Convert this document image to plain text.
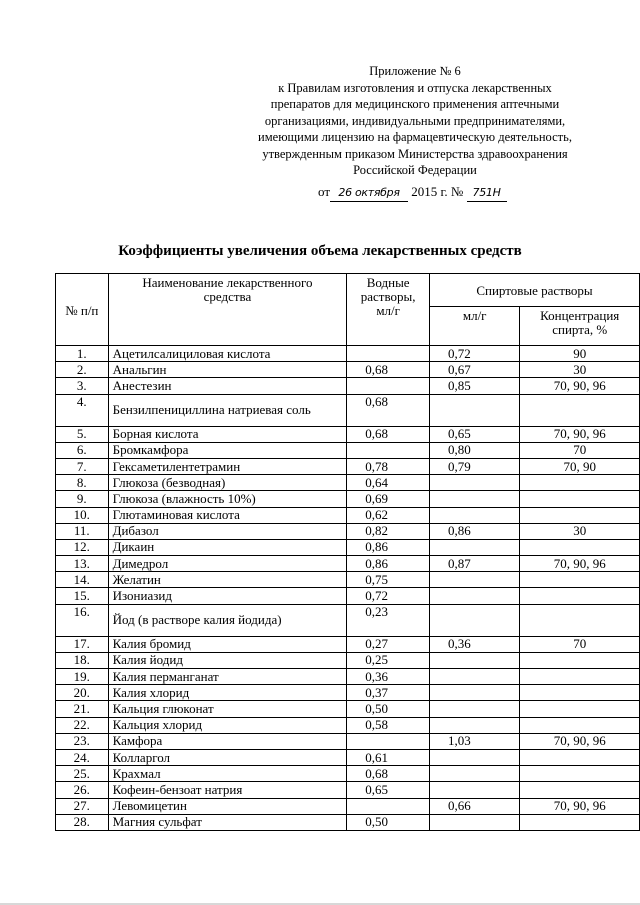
Приложение № 6
к Правилам изготовления и отпуска лекарственных
препаратов для медицинского применения аптечными
организациями, индивидуальными предпринимателями,
имеющими лицензию на фармацевтическую деятельность,
утвержденным приказом Министерства здравоохранения
Российской Федерации
от 26 октября 2015 г. № 751Н
Коэффициенты увеличения объема лекарственных средств
№ п/п	Наименование лекарственного средства	Водные растворы, мл/г	Спиртовые растворы	
			мл/г	Концентрация спирта, %
1.	Ацетилсалициловая кислота		0,72	90
2.	Анальгин	0,68	0,67	30
3.	Анестезин		0,85	70, 90, 96
4.	Бензилпенициллина натриевая соль	0,68		
5.	Борная кислота	0,68	0,65	70, 90, 96
6.	Бромкамфора		0,80	70
7.	Гексаметилентетрамин	0,78	0,79	70, 90
8.	Глюкоза (безводная)	0,64		
9.	Глюкоза (влажность 10%)	0,69		
10.	Глютаминовая кислота	0,62		
11.	Дибазол	0,82	0,86	30
12.	Дикаин	0,86		
13.	Димедрол	0,86	0,87	70, 90, 96
14.	Желатин	0,75		
15.	Изониазид	0,72		
16.	Йод (в растворе калия йодида)	0,23		
17.	Калия бромид	0,27	0,36	70
18.	Калия йодид	0,25		
19.	Калия перманганат	0,36		
20.	Калия хлорид	0,37		
21.	Кальция глюконат	0,50		
22.	Кальция хлорид	0,58		
23.	Камфора		1,03	70, 90, 96
24.	Колларгол	0,61		
25.	Крахмал	0,68		
26.	Кофеин-бензоат натрия	0,65		
27.	Левомицетин		0,66	70, 90, 96
28.	Магния сульфат	0,50		
